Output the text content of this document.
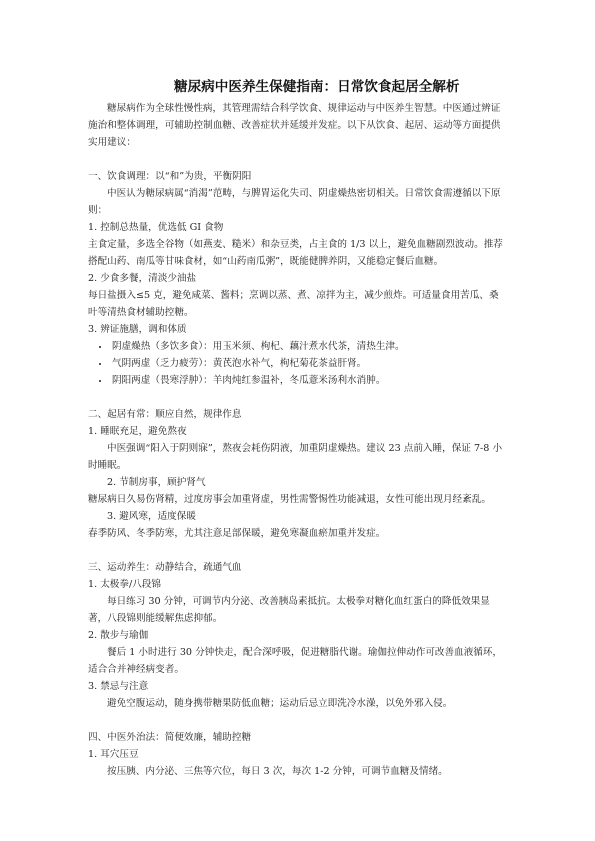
糖尿病中医养生保健指南：日常饮食起居全解析

糖尿病作为全球性慢性病，其管理需结合科学饮食、规律运动与中医养生智慧。中医通过辨证施治和整体调理，可辅助控制血糖、改善症状并延缓并发症。以下从饮食、起居、运动等方面提供实用建议：

一、饮食调理：以“和”为贵，平衡阴阳

中医认为糖尿病属“消渴”范畴，与脾胃运化失司、阴虚燥热密切相关。日常饮食需遵循以下原则：

1. 控制总热量，优选低 GI 食物

主食定量，多选全谷物（如燕麦、糙米）和杂豆类，占主食的 1/3 以上，避免血糖剧烈波动。推荐搭配山药、南瓜等甘味食材，如“山药南瓜粥”，既能健脾养阴，又能稳定餐后血糖。

2. 少食多餐，清淡少油盐

每日盐摄入≤5 克，避免咸菜、酱料；烹调以蒸、煮、凉拌为主，减少煎炸。可适量食用苦瓜、桑叶等清热食材辅助控糖。

3. 辨证施膳，调和体质

• 阴虚燥热（多饮多食）：用玉米须、枸杞、藕汁煮水代茶，清热生津。
• 气阴两虚（乏力疲劳）：黄芪泡水补气，枸杞菊花茶益肝肾。
• 阴阳两虚（畏寒浮肿）：羊肉炖红参温补，冬瓜薏米汤利水消肿。

二、起居有常：顺应自然，规律作息

1. 睡眠充足，避免熬夜

中医强调“阳入于阴则寐”，熬夜会耗伤阴液，加重阴虚燥热。建议 23 点前入睡，保证 7-8 小时睡眠。

2. 节制房事，顾护肾气

糖尿病日久易伤肾精，过度房事会加重肾虚，男性需警惕性功能减退，女性可能出现月经紊乱。

3. 避风寒，适度保暖

春季防风、冬季防寒，尤其注意足部保暖，避免寒凝血瘀加重并发症。

三、运动养生：动静结合，疏通气血

1. 太极拳/八段锦

每日练习 30 分钟，可调节内分泌、改善胰岛素抵抗。太极拳对糖化血红蛋白的降低效果显著，八段锦则能缓解焦虑抑郁。

2. 散步与瑜伽

餐后 1 小时进行 30 分钟快走，配合深呼吸，促进糖脂代谢。瑜伽拉伸动作可改善血液循环，适合合并神经病变者。

3. 禁忌与注意

避免空腹运动，随身携带糖果防低血糖；运动后忌立即洗冷水澡，以免外邪入侵。

四、中医外治法：简便效廉，辅助控糖

1. 耳穴压豆

按压胰、内分泌、三焦等穴位，每日 3 次，每次 1-2 分钟，可调节血糖及情绪。
